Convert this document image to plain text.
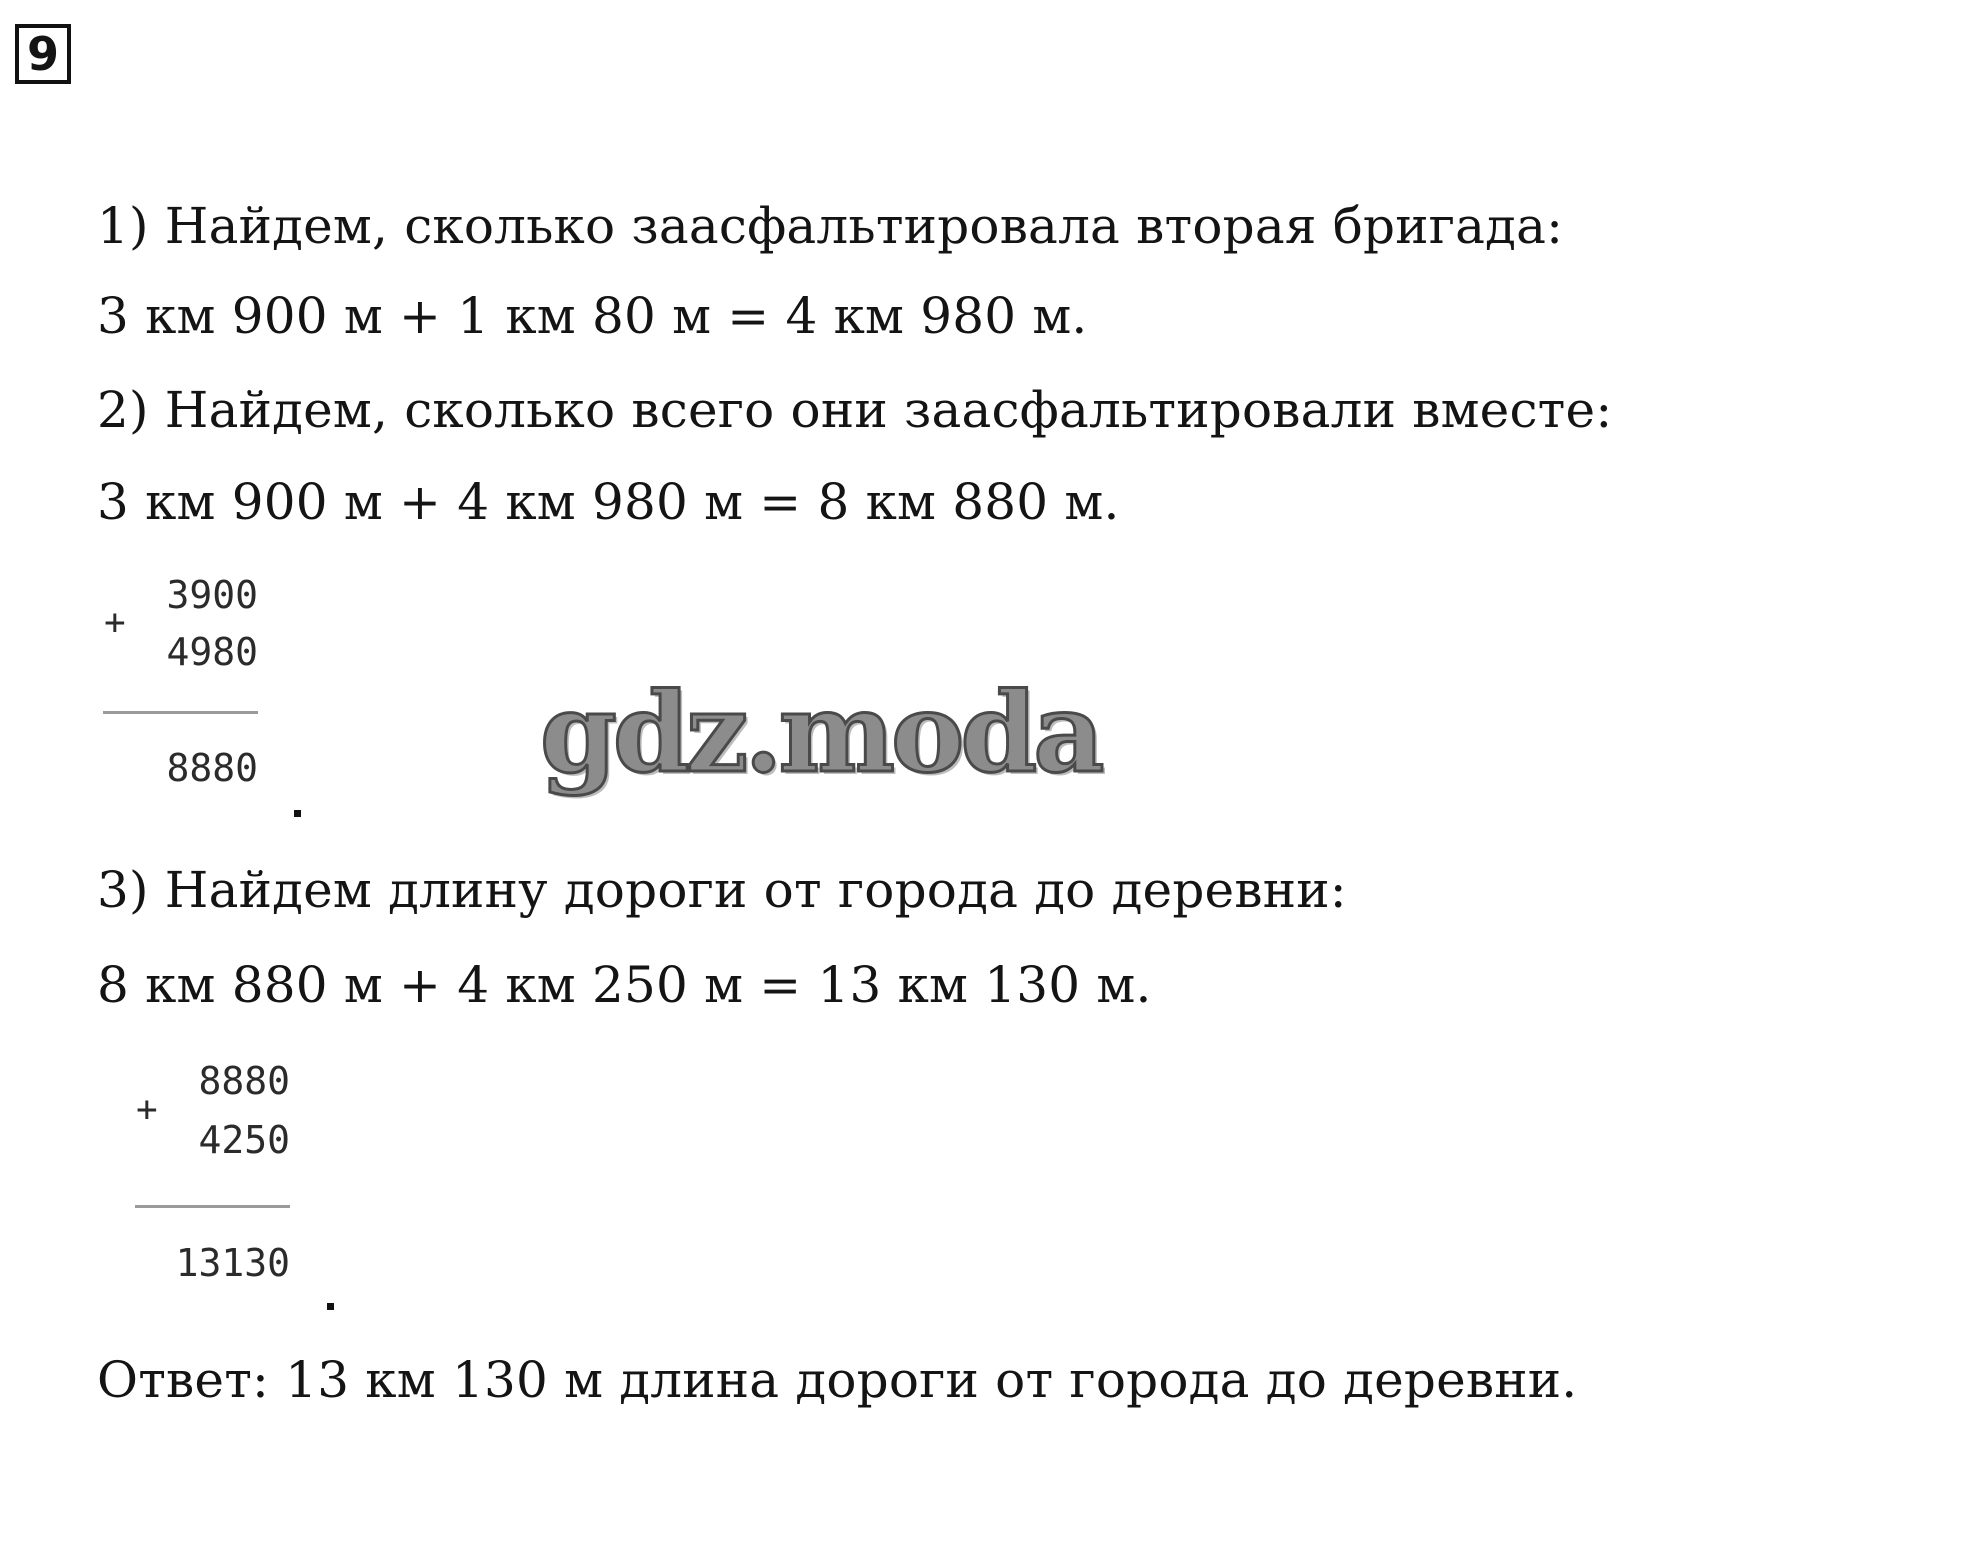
9
1) Найдем, сколько заасфальтировала вторая бригада:
3 км 900 м + 1 км 80 м = 4 км 980 м.
2) Найдем, сколько всего они заасфальтировали вместе:
3 км 900 м + 4 км 980 м = 8 км 880 м.
3900
+
4980
8880	gdz.moda
3) Найдем длину дороги от города до деревни:
8 км 880 м + 4 км 250 м = 13 км 130 м.
8880
+
4250
13130
Ответ: 13 км 130 м длина дороги от города до деревни.
